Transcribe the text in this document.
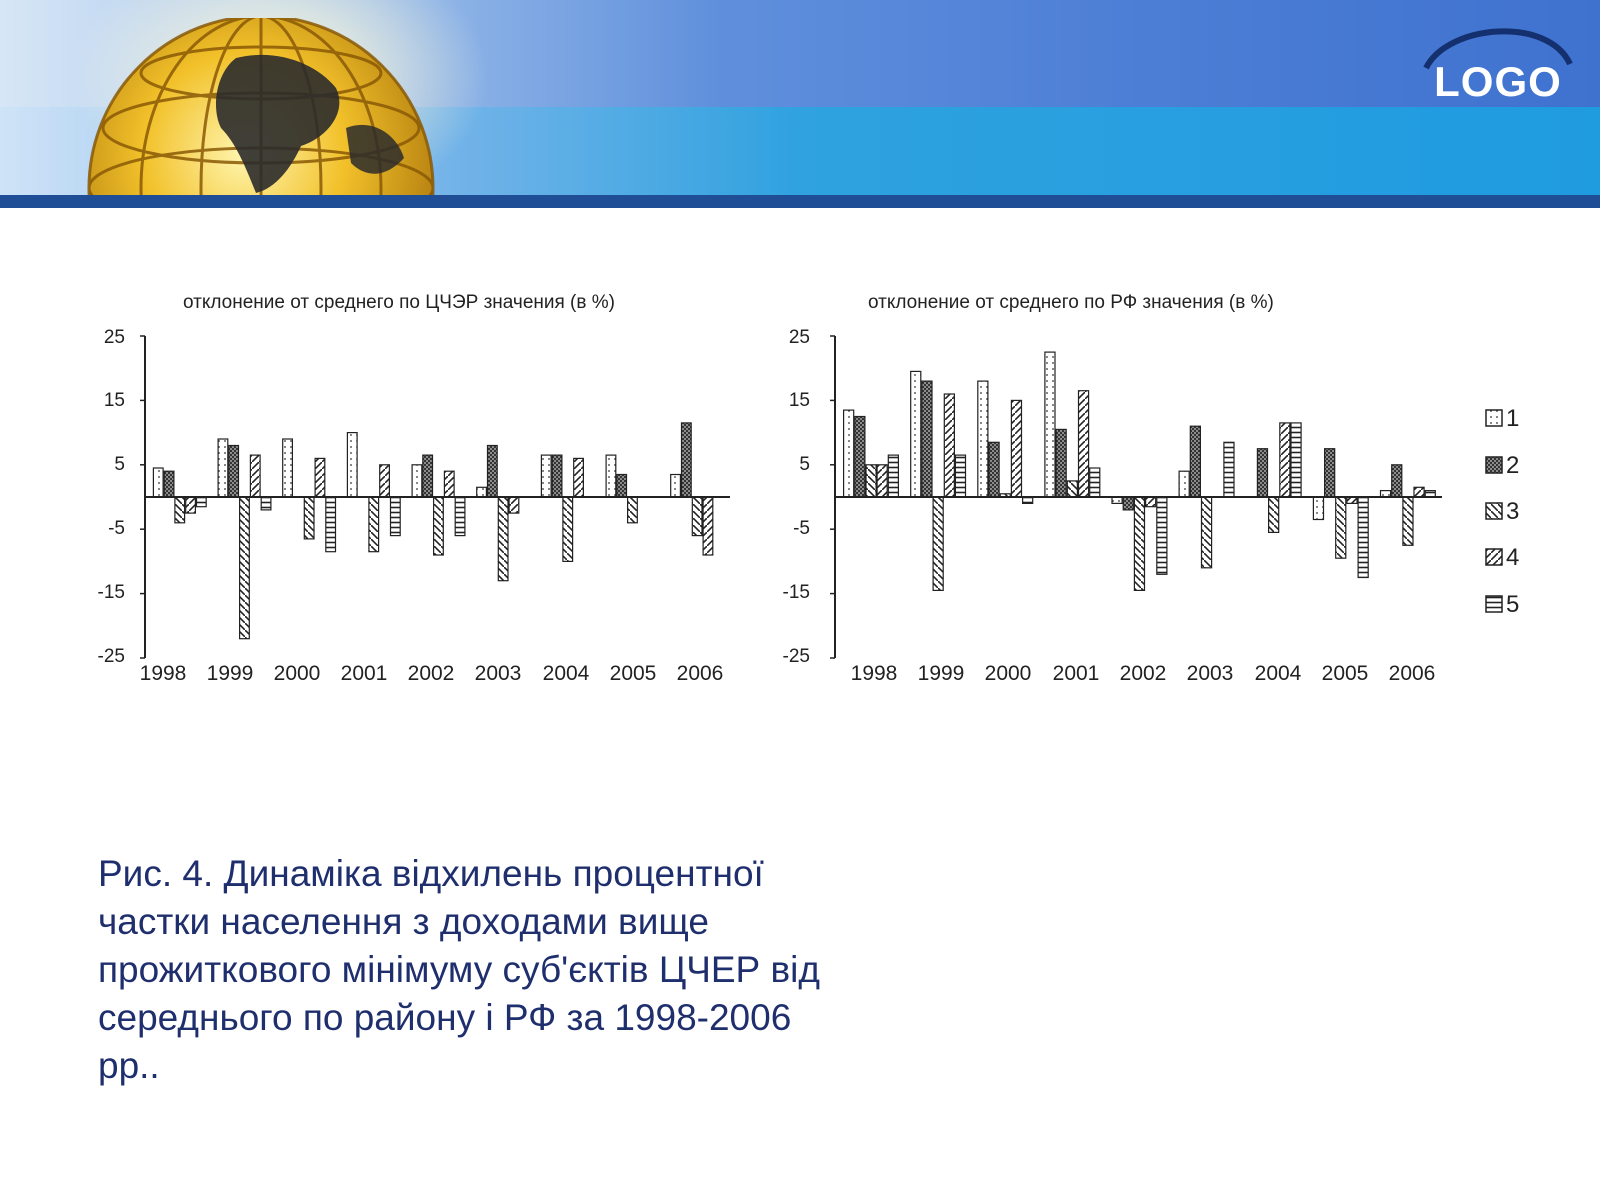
LOGO
отклонение от среднего по ЦЧЭР значения (в %)
25
15
5
-5
-15
-25
1998 1999 2000 2001 2002 2003 2004 2005 2006
отклонение от среднего по РФ значения (в %)
25
15
5
-5
-15
-25
1998 1999 2000 2001 2002 2003 2004 2005 2006
1
2
3
4
5

Рис. 4. Динаміка відхилень процентної частки населення з доходами вище прожиткового мінімуму суб'єктів ЦЧЕР від середнього по району і РФ за 1998-2006 рр..
